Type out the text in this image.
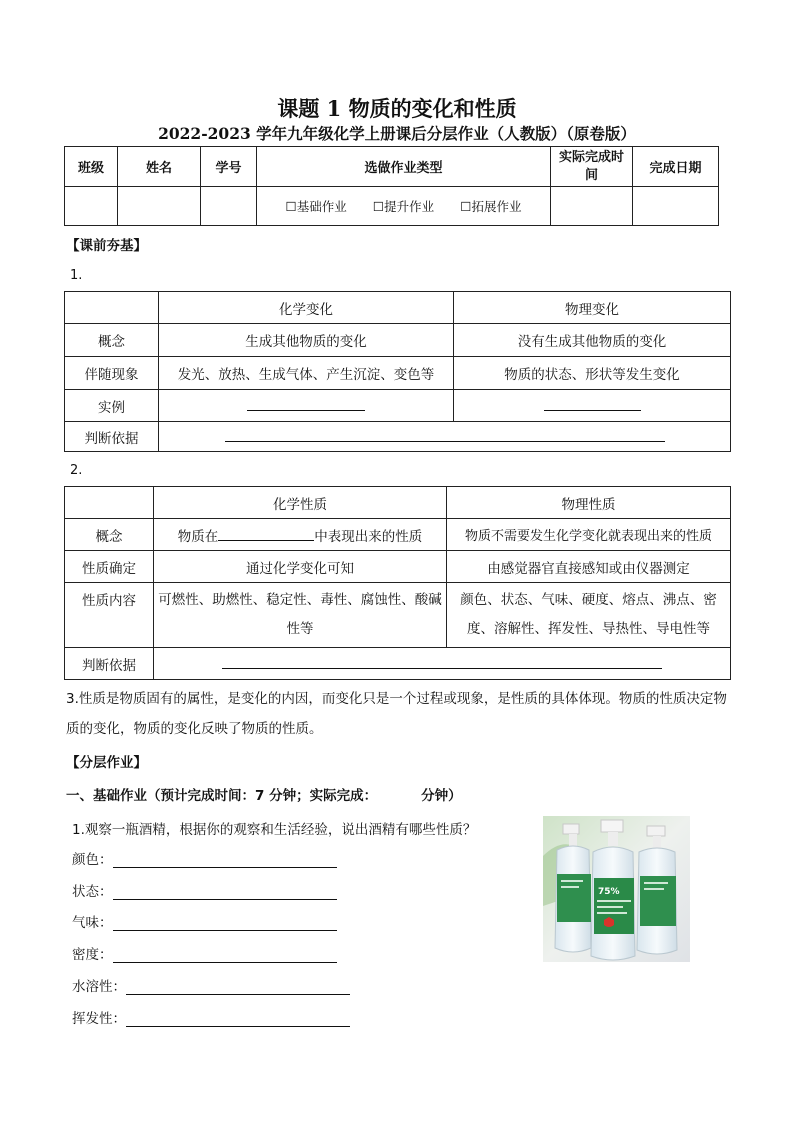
课题 1 物质的变化和性质
2022-2023 学年九年级化学上册课后分层作业（人教版）（原卷版）
班级	姓名	学号	选做作业类型	实际完成时间	完成日期
			☐基础作业 ☐提升作业 ☐拓展作业		
【课前夯基】
1.
	化学变化	物理变化
概念	生成其他物质的变化	没有生成其他物质的变化
伴随现象	发光、放热、生成气体、产生沉淀、变色等	物质的状态、形状等发生变化
实例		
判断依据		
2.
	化学性质	物理性质
概念	物质在 中表现出来的性质	物质不需要发生化学变化就表现出来的性质
性质确定	通过化学变化可知	由感觉器官直接感知或由仪器测定
性质内容	可燃性、助燃性、稳定性、毒性、腐蚀性、酸碱性等	颜色、状态、气味、硬度、熔点、沸点、密度、溶解性、挥发性、导热性、导电性等
判断依据		
3.性质是物质固有的属性，是变化的内因，而变化只是一个过程或现象，是性质的具体体现。物质的性质决定物质的变化，物质的变化反映了物质的性质。
【分层作业】
一、基础作业（预计完成时间：7 分钟；实际完成：	分钟）
1.观察一瓶酒精，根据你的观察和生活经验，说出酒精有哪些性质？
颜色：
状态：
气味：
密度：
水溶性：
挥发性：
75%
